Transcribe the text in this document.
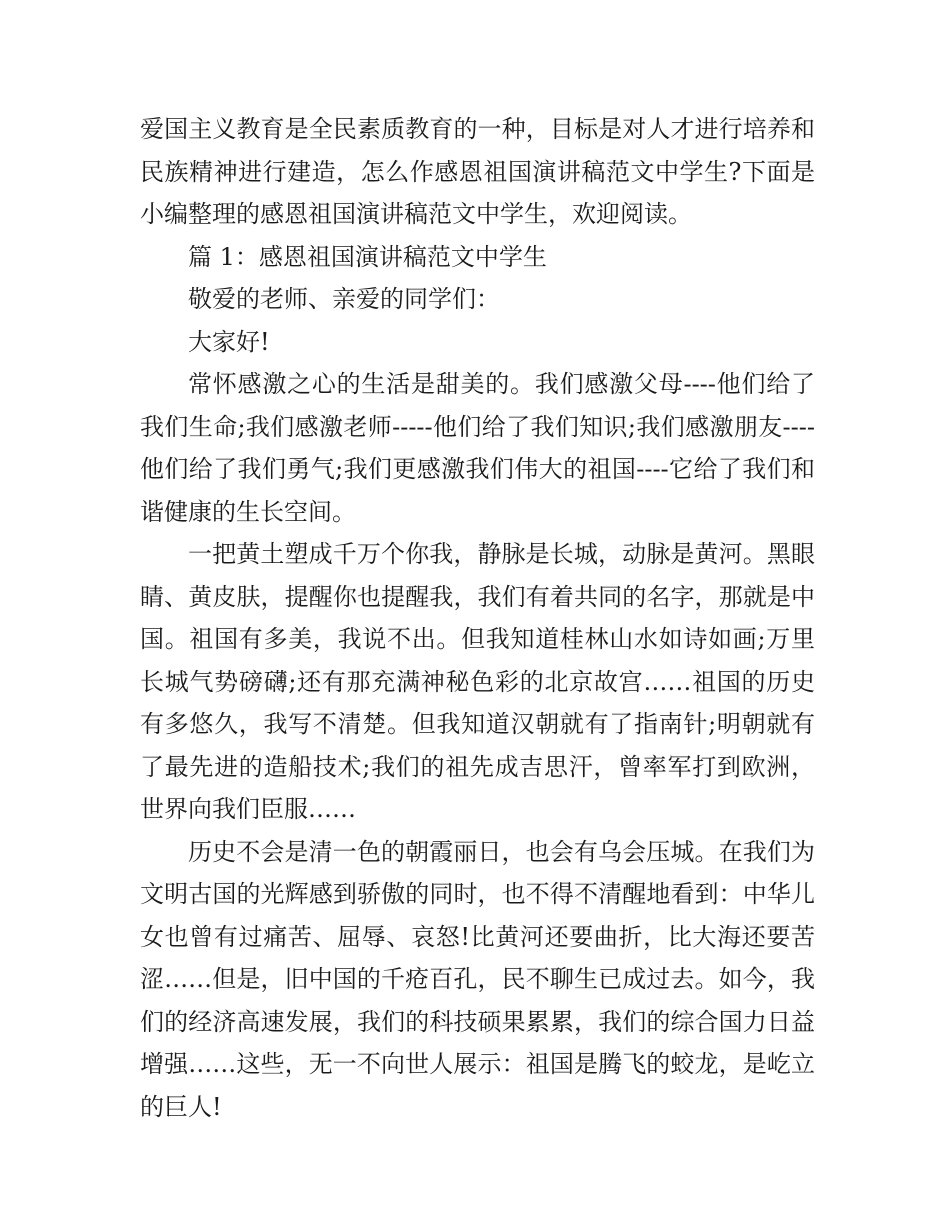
爱国主义教育是全民素质教育的一种，目标是对人才进行培养和民族精神进行建造，怎么作感恩祖国演讲稿范文中学生?下面是小编整理的感恩祖国演讲稿范文中学生，欢迎阅读。

篇 1：感恩祖国演讲稿范文中学生

敬爱的老师、亲爱的同学们：

大家好!

常怀感激之心的生活是甜美的。我们感激父母----他们给了我们生命;我们感激老师-----他们给了我们知识;我们感激朋友----他们给了我们勇气;我们更感激我们伟大的祖国----它给了我们和谐健康的生长空间。

一把黄土塑成千万个你我，静脉是长城，动脉是黄河。黑眼睛、黄皮肤，提醒你也提醒我，我们有着共同的名字，那就是中国。祖国有多美，我说不出。但我知道桂林山水如诗如画;万里长城气势磅礴;还有那充满神秘色彩的北京故宫……祖国的历史有多悠久，我写不清楚。但我知道汉朝就有了指南针;明朝就有了最先进的造船技术;我们的祖先成吉思汗，曾率军打到欧洲，世界向我们臣服……

历史不会是清一色的朝霞丽日，也会有乌会压城。在我们为文明古国的光辉感到骄傲的同时，也不得不清醒地看到：中华儿女也曾有过痛苦、屈辱、哀怒!比黄河还要曲折，比大海还要苦涩……但是，旧中国的千疮百孔，民不聊生已成过去。如今，我们的经济高速发展，我们的科技硕果累累，我们的综合国力日益增强……这些，无一不向世人展示：祖国是腾飞的蛟龙，是屹立的巨人!
